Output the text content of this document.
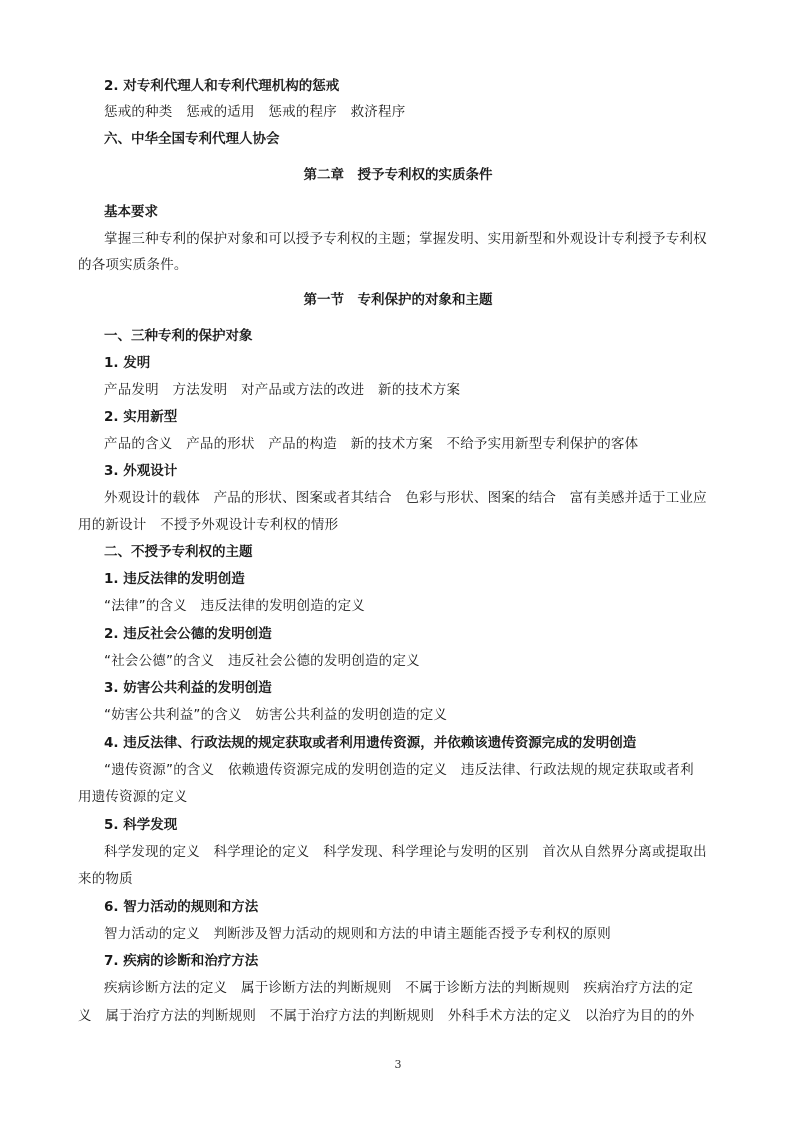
2. 对专利代理人和专利代理机构的惩戒
惩戒的种类　惩戒的适用　惩戒的程序　救济程序
六、中华全国专利代理人协会
第二章　授予专利权的实质条件
基本要求
掌握三种专利的保护对象和可以授予专利权的主题；掌握发明、实用新型和外观设计专利授予专利权
的各项实质条件。
第一节　专利保护的对象和主题
一、三种专利的保护对象
1. 发明
产品发明　方法发明　对产品或方法的改进　新的技术方案
2. 实用新型
产品的含义　产品的形状　产品的构造　新的技术方案　不给予实用新型专利保护的客体
3. 外观设计
外观设计的载体　产品的形状、图案或者其结合　色彩与形状、图案的结合　富有美感并适于工业应
用的新设计　不授予外观设计专利权的情形
二、不授予专利权的主题
1. 违反法律的发明创造
“法律”的含义　违反法律的发明创造的定义
2. 违反社会公德的发明创造
“社会公德”的含义　违反社会公德的发明创造的定义
3. 妨害公共利益的发明创造
“妨害公共利益”的含义　妨害公共利益的发明创造的定义
4. 违反法律、行政法规的规定获取或者利用遗传资源，并依赖该遗传资源完成的发明创造
“遗传资源”的含义　依赖遗传资源完成的发明创造的定义　违反法律、行政法规的规定获取或者利
用遗传资源的定义
5. 科学发现
科学发现的定义　科学理论的定义　科学发现、科学理论与发明的区别　首次从自然界分离或提取出
来的物质
6. 智力活动的规则和方法
智力活动的定义　判断涉及智力活动的规则和方法的申请主题能否授予专利权的原则
7. 疾病的诊断和治疗方法
疾病诊断方法的定义　属于诊断方法的判断规则　不属于诊断方法的判断规则　疾病治疗方法的定
义　属于治疗方法的判断规则　不属于治疗方法的判断规则　外科手术方法的定义　以治疗为目的的外
3
